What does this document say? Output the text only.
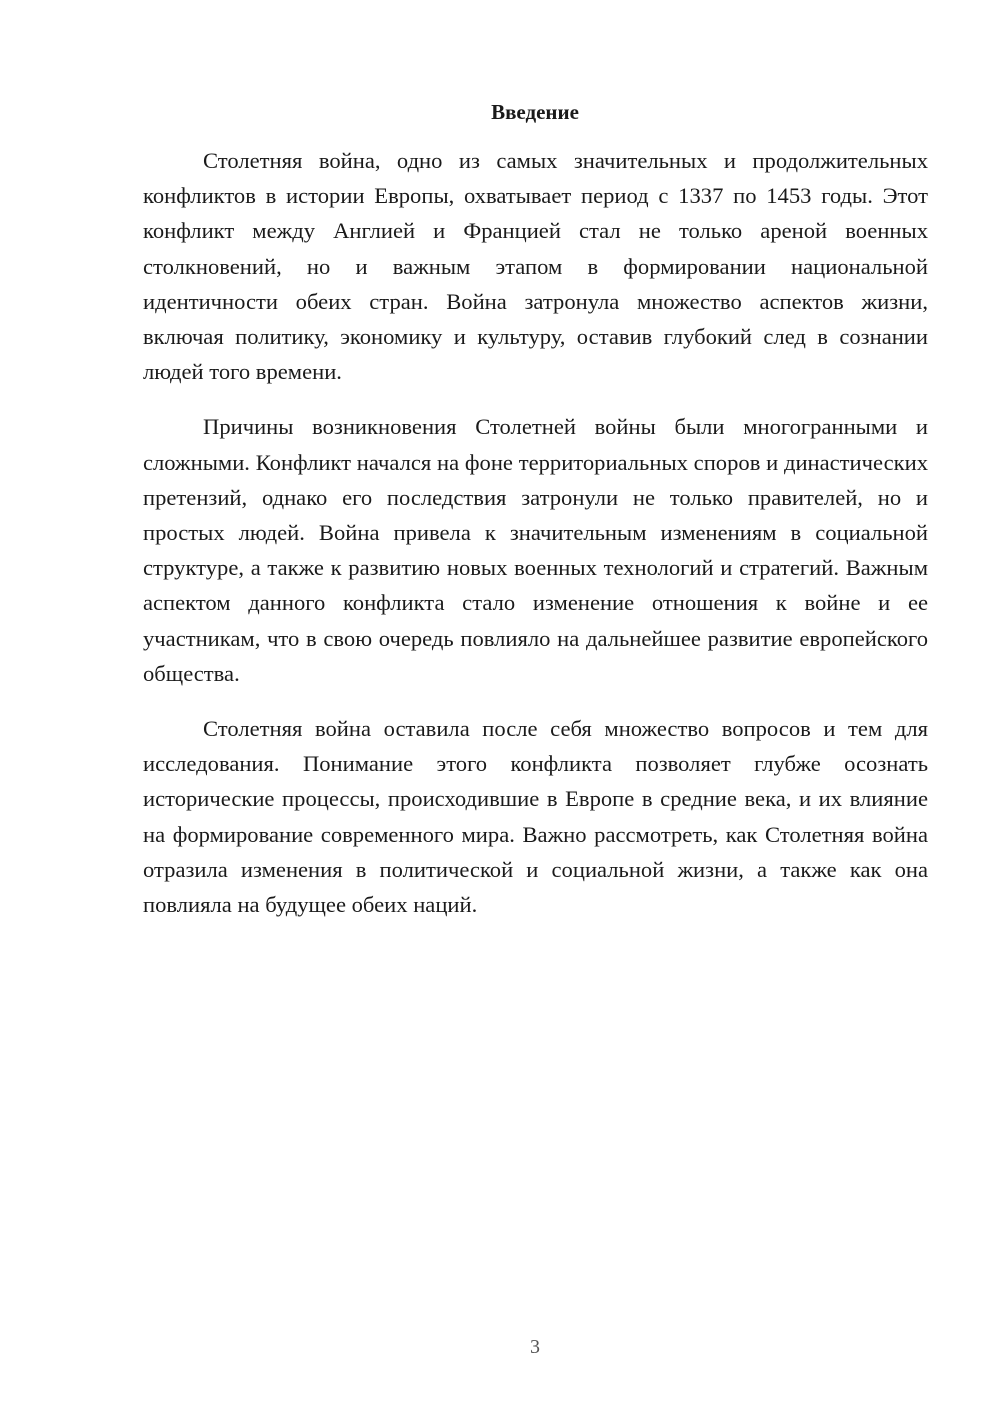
Введение

Столетняя война, одно из самых значительных и продолжительных конфликтов в истории Европы, охватывает период с 1337 по 1453 годы. Этот конфликт между Англией и Францией стал не только ареной военных столкновений, но и важным этапом в формировании национальной идентичности обеих стран. Война затронула множество аспектов жизни, включая политику, экономику и культуру, оставив глубокий след в сознании людей того времени.

Причины возникновения Столетней войны были многогранными и сложными. Конфликт начался на фоне территориальных споров и династических претензий, однако его последствия затронули не только правителей, но и простых людей. Война привела к значительным изменениям в социальной структуре, а также к развитию новых военных технологий и стратегий. Важным аспектом данного конфликта стало изменение отношения к войне и ее участникам, что в свою очередь повлияло на дальнейшее развитие европейского общества.

Столетняя война оставила после себя множество вопросов и тем для исследования. Понимание этого конфликта позволяет глубже осознать исторические процессы, происходившие в Европе в средние века, и их влияние на формирование современного мира. Важно рассмотреть, как Столетняя война отразила изменения в политической и социальной жизни, а также как она повлияла на будущее обеих наций.

3
